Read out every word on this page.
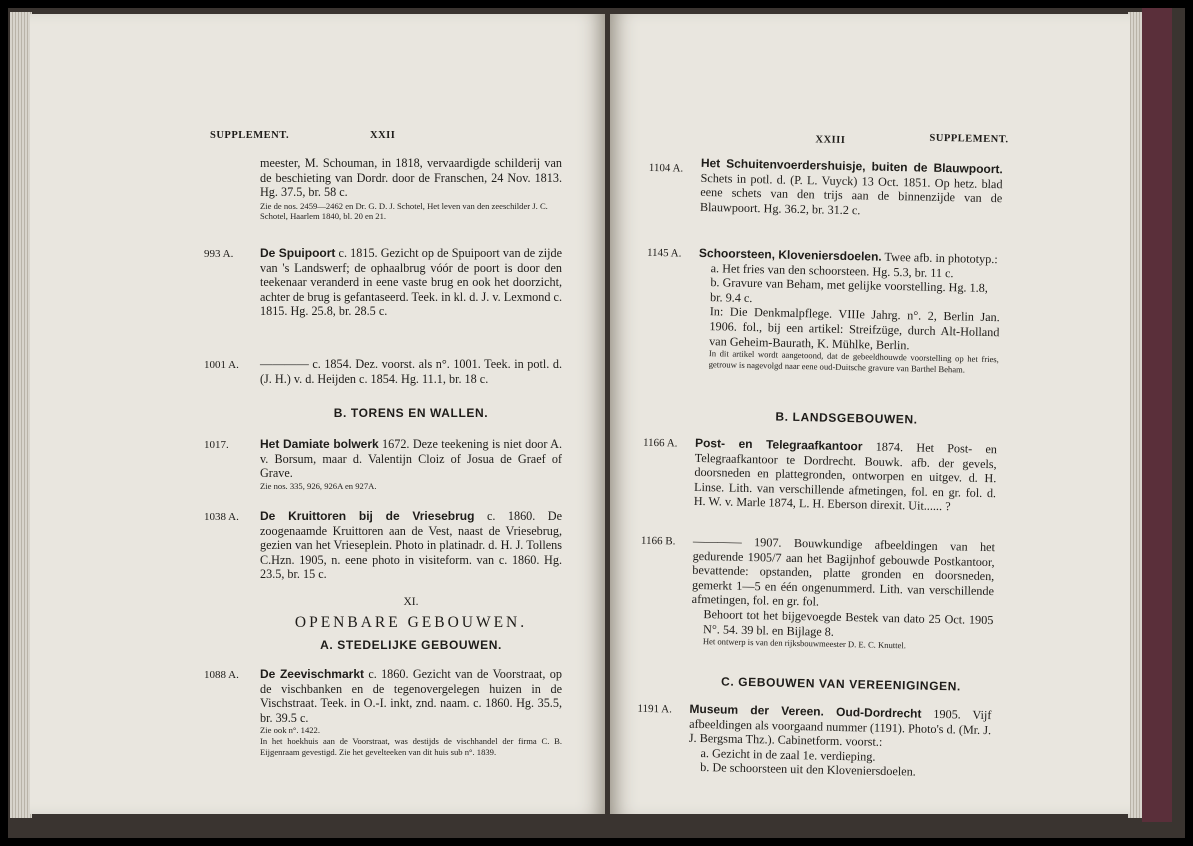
SUPPLEMENT.	XXII
meester, M. Schouman, in 1818, vervaardigde schilderij van de beschieting van Dordr. door de Franschen, 24 Nov. 1813. Hg. 37.5, br. 58 c.
Zie de nos. 2459—2462 en Dr. G. D. J. Schotel, Het leven van den zeeschilder J. C. Schotel, Haarlem 1840, bl. 20 en 21.
993 A. De Spuipoort c. 1815. Gezicht op de Spuipoort van de zijde van 's Landswerf; de ophaalbrug vóór de poort is door den teekenaar veranderd in eene vaste brug en ook het doorzicht, achter de brug is gefantaseerd. Teek. in kl. d. J. v. Lexmond c. 1815. Hg. 25.8, br. 28.5 c.
1001 A. ———— c. 1854. Dez. voorst. als n°. 1001. Teek. in potl. d. (J. H.) v. d. Heijden c. 1854. Hg. 11.1, br. 18 c.
B. TORENS EN WALLEN.
1017.	Het Damiate bolwerk 1672. Deze teekening is niet door A. v. Borsum, maar d. Valentijn Cloiz of Josua de Graef of Grave.
Zie nos. 335, 926, 926A en 927A.
1038 A. De Kruittoren bij de Vriesebrug c. 1860. De zoogenaamde Kruittoren aan de Vest, naast de Vriesebrug, gezien van het Vrieseplein. Photo in platinadr. d. H. J. Tollens C.Hzn. 1905, n. eene photo in visiteform. van c. 1860. Hg. 23.5, br. 15 c.
XI.
OPENBARE GEBOUWEN.
A. STEDELIJKE GEBOUWEN.
1088 A. De Zeevischmarkt c. 1860. Gezicht van de Voorstraat, op de vischbanken en de tegenovergelegen huizen in de Vischstraat. Teek. in O.-I. inkt, znd. naam. c. 1860. Hg. 35.5, br. 39.5 c.
Zie ook n°. 1422.
In het hoekhuis aan de Voorstraat, was destijds de vischhandel der firma C. B. Eijgenraam gevestigd. Zie het gevelteeken van dit huis sub n°. 1839.
XXIII	SUPPLEMENT.
1104 A. Het Schuitenvoerdershuisje, buiten de Blauwpoort. Schets in potl. d. (P. L. Vuyck) 13 Oct. 1851. Op hetz. blad eene schets van den trijs aan de binnenzijde van de Blauwpoort. Hg. 36.2, br. 31.2 c.
1145 A. Schoorsteen, Kloveniersdoelen. Twee afb. in phototyp.:
a. Het fries van den schoorsteen. Hg. 5.3, br. 11 c.
b. Gravure van Beham, met gelijke voorstelling. Hg. 1.8, br. 9.4 c.
In: Die Denkmalpflege. VIIIe Jahrg. n°. 2, Berlin Jan. 1906. fol., bij een artikel: Streifzüge, durch Alt-Holland van Geheim-Baurath, K. Mühlke, Berlin.
In dit artikel wordt aangetoond, dat de gebeeldhouwde voorstelling op het fries, getrouw is nagevolgd naar eene oud-Duitsche gravure van Barthel Beham.
B. LANDSGEBOUWEN.
1166 A. Post- en Telegraafkantoor 1874. Het Post- en Telegraafkantoor te Dordrecht. Bouwk. afb. der gevels, doorsneden en plattegronden, ontworpen en uitgev. d. H. Linse. Lith. van verschillende afmetingen, fol. en gr. fol. d. H. W. v. Marle 1874, L. H. Eberson direxit. Uit...... ?
1166 B. ———— 1907. Bouwkundige afbeeldingen van het gedurende 1905/7 aan het Bagijnhof gebouwde Postkantoor, bevattende: opstanden, platte gronden en doorsneden, gemerkt 1—5 en één ongenummerd. Lith. van verschillende afmetingen, fol. en gr. fol.
Behoort tot het bijgevoegde Bestek van dato 25 Oct. 1905 N°. 54. 39 bl. en Bijlage 8.
Het ontwerp is van den rijksbouwmeester D. E. C. Knuttel.
C. GEBOUWEN VAN VEREENIGINGEN.
1191 A. Museum der Vereen. Oud-Dordrecht 1905. Vijf afbeeldingen als voorgaand nummer (1191). Photo's d. (Mr. J. J. Bergsma Thz.). Cabinetform. voorst.:
a. Gezicht in de zaal 1e. verdieping.
b. De schoorsteen uit den Kloveniersdoelen.
